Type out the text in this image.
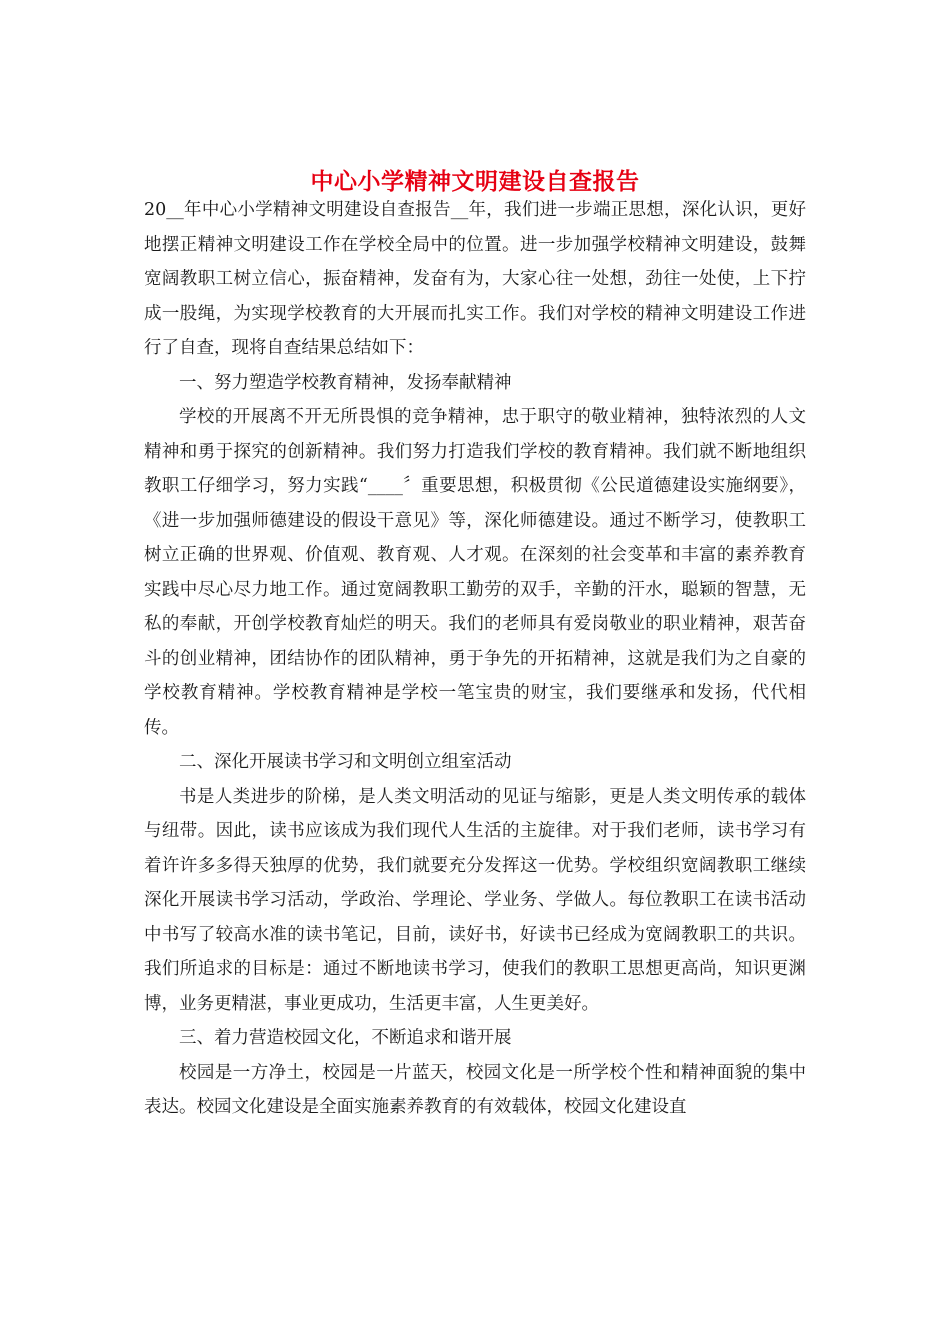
中心小学精神文明建设自查报告

20__年中心小学精神文明建设自查报告__年，我们进一步端正思想，深化认识，更好地摆正精神文明建设工作在学校全局中的位置。进一步加强学校精神文明建设，鼓舞宽阔教职工树立信心，振奋精神，发奋有为，大家心往一处想，劲往一处使，上下拧成一股绳，为实现学校教育的大开展而扎实工作。我们对学校的精神文明建设工作进行了自查，现将自查结果总结如下：

一、努力塑造学校教育精神，发扬奉献精神

学校的开展离不开无所畏惧的竞争精神，忠于职守的敬业精神，独特浓烈的人文精神和勇于探究的创新精神。我们努力打造我们学校的教育精神。我们就不断地组织教职工仔细学习，努力实践“____〞重要思想，积极贯彻《公民道德建设实施纲要》，《进一步加强师德建设的假设干意见》等，深化师德建设。通过不断学习，使教职工树立正确的世界观、价值观、教育观、人才观。在深刻的社会变革和丰富的素养教育实践中尽心尽力地工作。通过宽阔教职工勤劳的双手，辛勤的汗水，聪颖的智慧，无私的奉献，开创学校教育灿烂的明天。我们的老师具有爱岗敬业的职业精神，艰苦奋斗的创业精神，团结协作的团队精神，勇于争先的开拓精神，这就是我们为之自豪的学校教育精神。学校教育精神是学校一笔宝贵的财宝，我们要继承和发扬，代代相传。

二、深化开展读书学习和文明创立组室活动

书是人类进步的阶梯，是人类文明活动的见证与缩影，更是人类文明传承的载体与纽带。因此，读书应该成为我们现代人生活的主旋律。对于我们老师，读书学习有着许许多多得天独厚的优势，我们就要充分发挥这一优势。学校组织宽阔教职工继续深化开展读书学习活动，学政治、学理论、学业务、学做人。每位教职工在读书活动中书写了较高水准的读书笔记，目前，读好书，好读书已经成为宽阔教职工的共识。我们所追求的目标是：通过不断地读书学习，使我们的教职工思想更高尚，知识更渊博，业务更精湛，事业更成功，生活更丰富，人生更美好。

三、着力营造校园文化，不断追求和谐开展

校园是一方净土，校园是一片蓝天，校园文化是一所学校个性和精神面貌的集中表达。校园文化建设是全面实施素养教育的有效载体，校园文化建设直
